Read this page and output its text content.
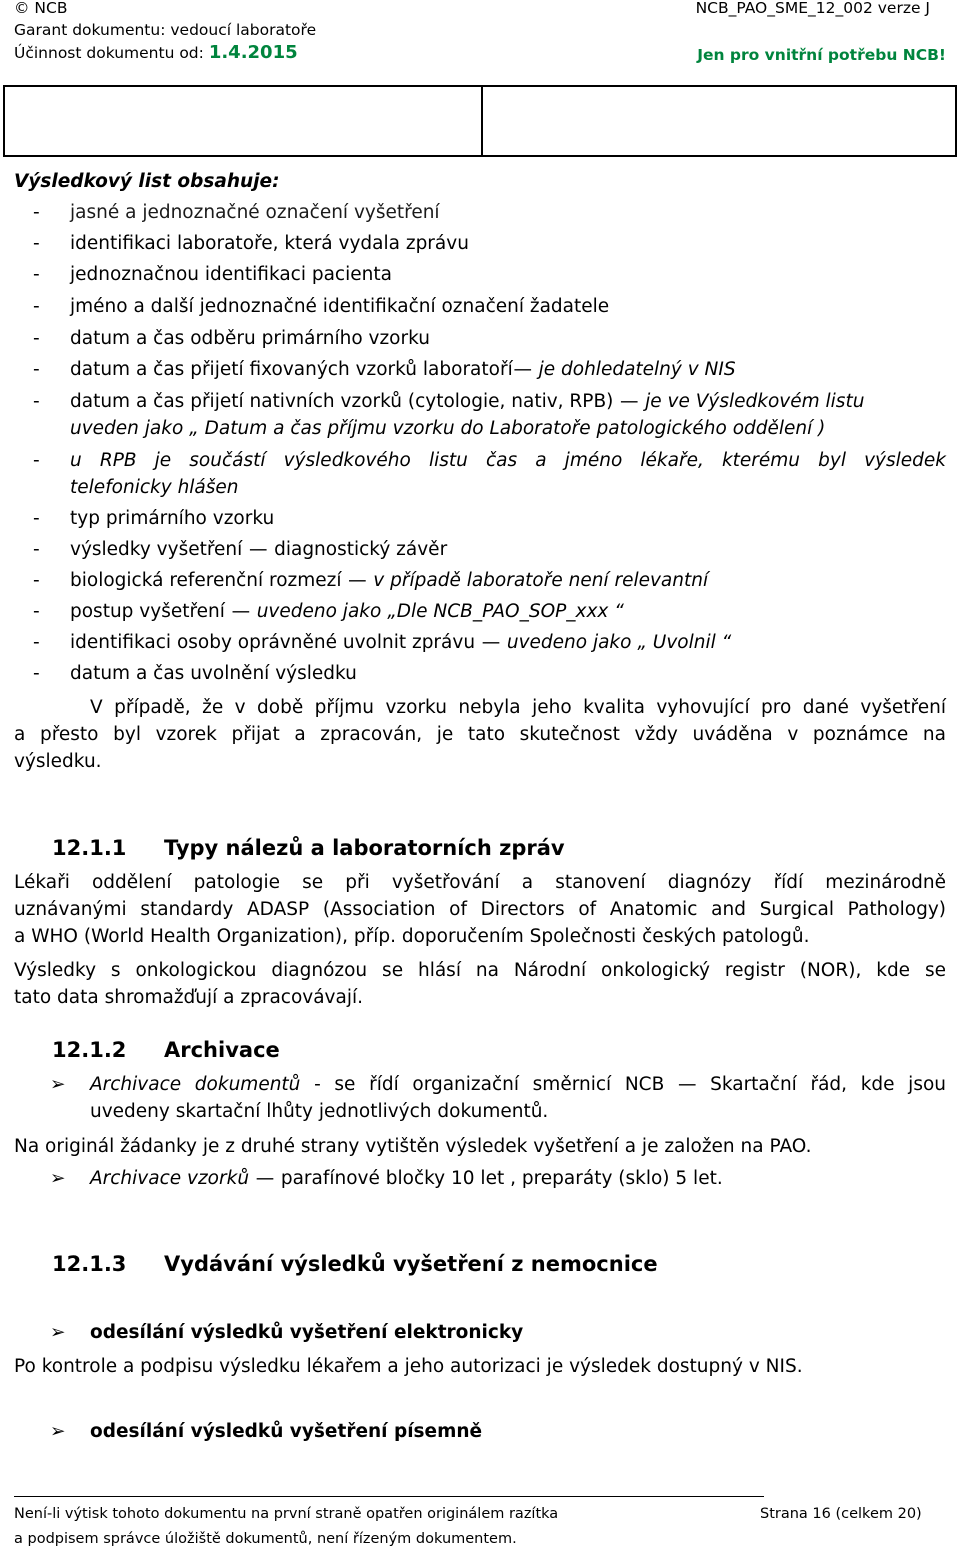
© NCB	NCB_PAO_SME_12_002 verze J
Garant dokumentu: vedoucí laboratoře
Účinnost dokumentu od: 1.4.2015	Jen pro vnitřní potřebu NCB!
Výsledkový list obsahuje:
- jasné a jednoznačné označení vyšetření
- identifikaci laboratoře, která vydala zprávu
- jednoznačnou identifikaci pacienta
- jméno a další jednoznačné identifikační označení žadatele
- datum a čas odběru primárního vzorku
- datum a čas přijetí fixovaných vzorků laboratoří— je dohledatelný v NIS
- datum a čas přijetí nativních vzorků (cytologie, nativ, RPB) — je ve Výsledkovém listu
uveden jako „ Datum a čas příjmu vzorku do Laboratoře patologického oddělení )
- u RPB je součástí výsledkového listu čas a jméno lékaře, kterému byl výsledek
telefonicky hlášen
- typ primárního vzorku
- výsledky vyšetření — diagnostický závěr
- biologická referenční rozmezí — v případě laboratoře není relevantní
- postup vyšetření — uvedeno jako „Dle NCB_PAO_SOP_xxx “
- identifikaci osoby oprávněné uvolnit zprávu — uvedeno jako „ Uvolnil “
- datum a čas uvolnění výsledku
V případě, že v době příjmu vzorku nebyla jeho kvalita vyhovující pro dané vyšetření
a přesto byl vzorek přijat a zpracován, je tato skutečnost vždy uváděna v poznámce na
výsledku.
12.1.1 Typy nálezů a laboratorních zpráv
Lékaři oddělení patologie se při vyšetřování a stanovení diagnózy řídí mezinárodně
uznávanými standardy ADASP (Association of Directors of Anatomic and Surgical Pathology)
a WHO (World Health Organization), příp. doporučením Společnosti českých patologů.
Výsledky s onkologickou diagnózou se hlásí na Národní onkologický registr (NOR), kde se
tato data shromažďují a zpracovávají.
12.1.2 Archivace
➢ Archivace dokumentů - se řídí organizační směrnicí NCB — Skartační řád, kde jsou
uvedeny skartační lhůty jednotlivých dokumentů.
Na originál žádanky je z druhé strany vytištěn výsledek vyšetření a je založen na PAO.
➢ Archivace vzorků — parafínové bločky 10 let , preparáty (sklo) 5 let.
12.1.3 Vydávání výsledků vyšetření z nemocnice
➢ odesílání výsledků vyšetření elektronicky
Po kontrole a podpisu výsledku lékařem a jeho autorizaci je výsledek dostupný v NIS.
➢ odesílání výsledků vyšetření písemně
Není-li výtisk tohoto dokumentu na první straně opatřen originálem razítka
a podpisem správce úložiště dokumentů, není řízeným dokumentem.
Strana 16 (celkem 20)
